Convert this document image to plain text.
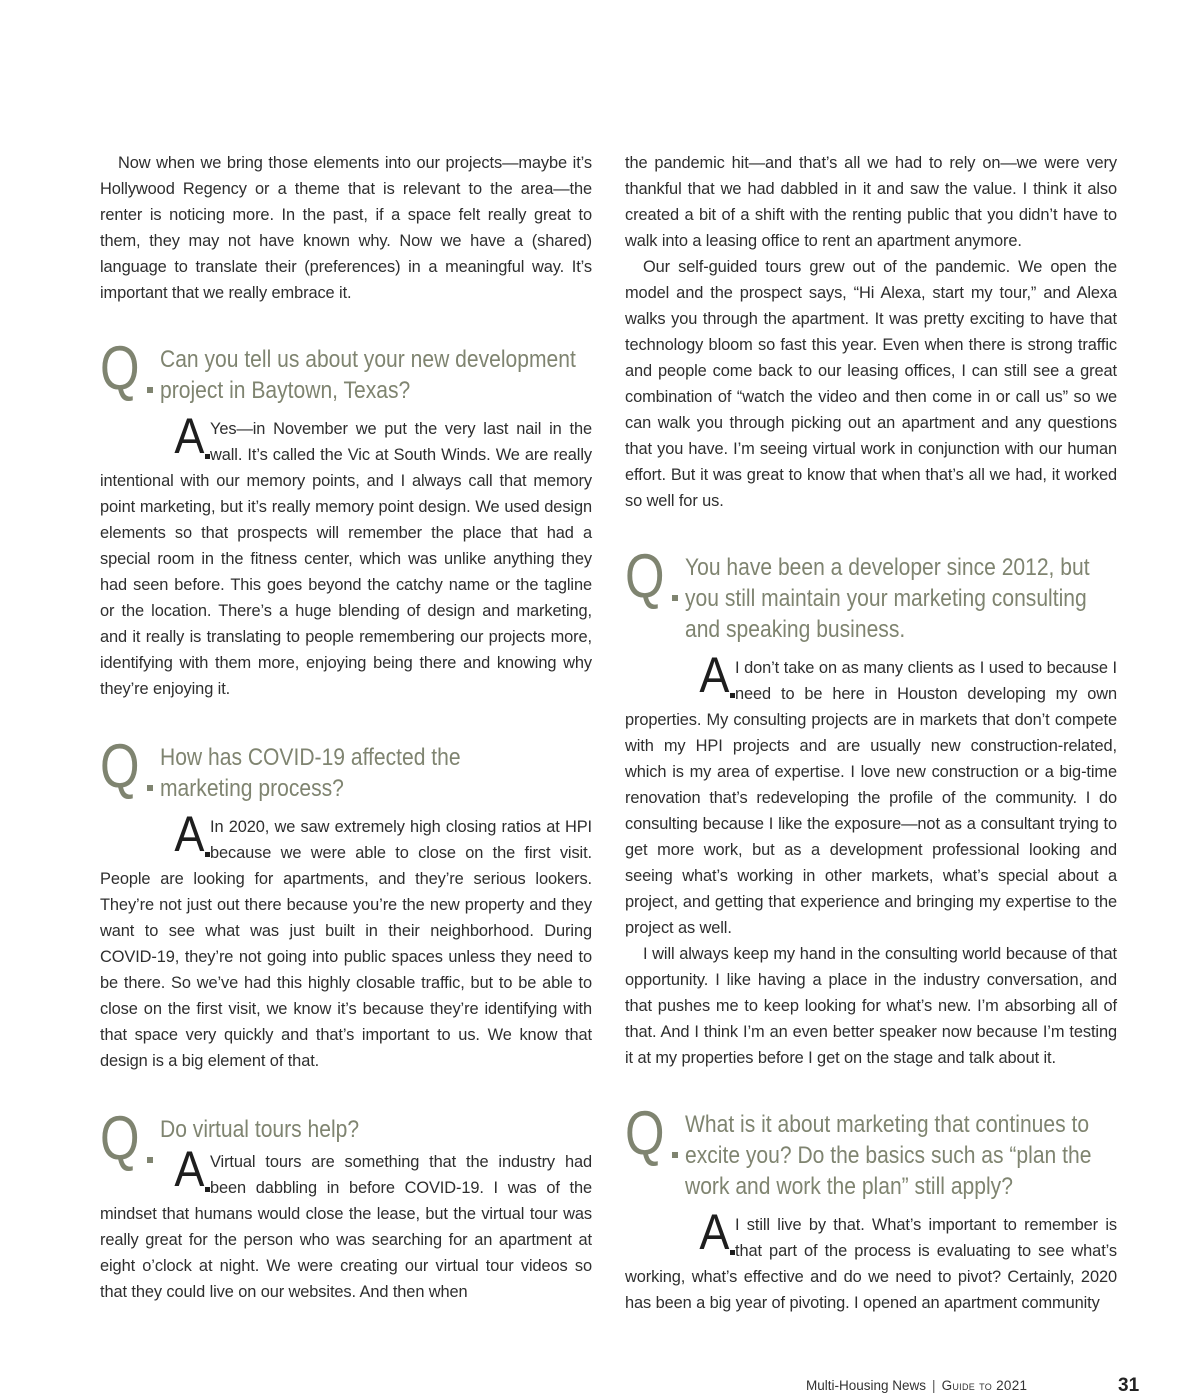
Now when we bring those elements into our projects—maybe it’s Hollywood Regency or a theme that is relevant to the area—the renter is noticing more. In the past, if a space felt really great to them, they may not have known why. Now we have a (shared) language to translate their (preferences) in a meaningful way. It’s important that we really embrace it.

Q Can you tell us about your new development
project in Baytown, Texas?
A Yes—in November we put the very last nail in the wall. It’s called the Vic at South Winds. We are really intentional with our memory points, and I always call that memory point marketing, but it’s really memory point design. We used design elements so that prospects will remember the place that had a special room in the fitness center, which was unlike anything they had seen before. This goes beyond the catchy name or the tagline or the location. There’s a huge blending of design and marketing, and it really is translating to people remembering our projects more, identifying with them more, enjoying being there and knowing why they’re enjoying it.

Q How has COVID-19 affected the
marketing process?
A In 2020, we saw extremely high closing ratios at HPI because we were able to close on the first visit. People are looking for apartments, and they’re serious lookers. They’re not just out there because you’re the new property and they want to see what was just built in their neighborhood. During COVID-19, they’re not going into public spaces unless they need to be there. So we’ve had this highly closable traffic, but to be able to close on the first visit, we know it’s because they’re identifying with that space very quickly and that’s important to us. We know that design is a big element of that.

Q Do virtual tours help?
A Virtual tours are something that the industry had been dabbling in before COVID-19. I was of the mindset that humans would close the lease, but the virtual tour was really great for the person who was searching for an apartment at eight o’clock at night. We were creating our virtual tour videos so that they could live on our websites. And then when

the pandemic hit—and that’s all we had to rely on—we were very thankful that we had dabbled in it and saw the value. I think it also created a bit of a shift with the renting public that you didn’t have to walk into a leasing office to rent an apartment anymore.

Our self-guided tours grew out of the pandemic. We open the model and the prospect says, “Hi Alexa, start my tour,” and Alexa walks you through the apartment. It was pretty exciting to have that technology bloom so fast this year. Even when there is strong traffic and people come back to our leasing offices, I can still see a great combination of “watch the video and then come in or call us” so we can walk you through picking out an apartment and any questions that you have. I’m seeing virtual work in conjunction with our human effort. But it was great to know that when that’s all we had, it worked so well for us.

Q You have been a developer since 2012, but
you still maintain your marketing consulting
and speaking business.
A I don’t take on as many clients as I used to because I need to be here in Houston developing my own properties. My consulting projects are in markets that don’t compete with my HPI projects and are usually new construction-related, which is my area of expertise. I love new construction or a big-time renovation that’s redeveloping the profile of the community. I do consulting because I like the exposure—not as a consultant trying to get more work, but as a development professional looking and seeing what’s working in other markets, what’s special about a project, and getting that experience and bringing my expertise to the project as well.

I will always keep my hand in the consulting world because of that opportunity. I like having a place in the industry conversation, and that pushes me to keep looking for what’s new. I’m absorbing all of that. And I think I’m an even better speaker now because I’m testing it at my properties before I get on the stage and talk about it.

Q What is it about marketing that continues to
excite you? Do the basics such as “plan the
work and work the plan” still apply?
A I still live by that. What’s important to remember is that part of the process is evaluating to see what’s working, what’s effective and do we need to pivot? Certainly, 2020 has been a big year of pivoting. I opened an apartment community

Multi-Housing News | Guide to 2021	31
